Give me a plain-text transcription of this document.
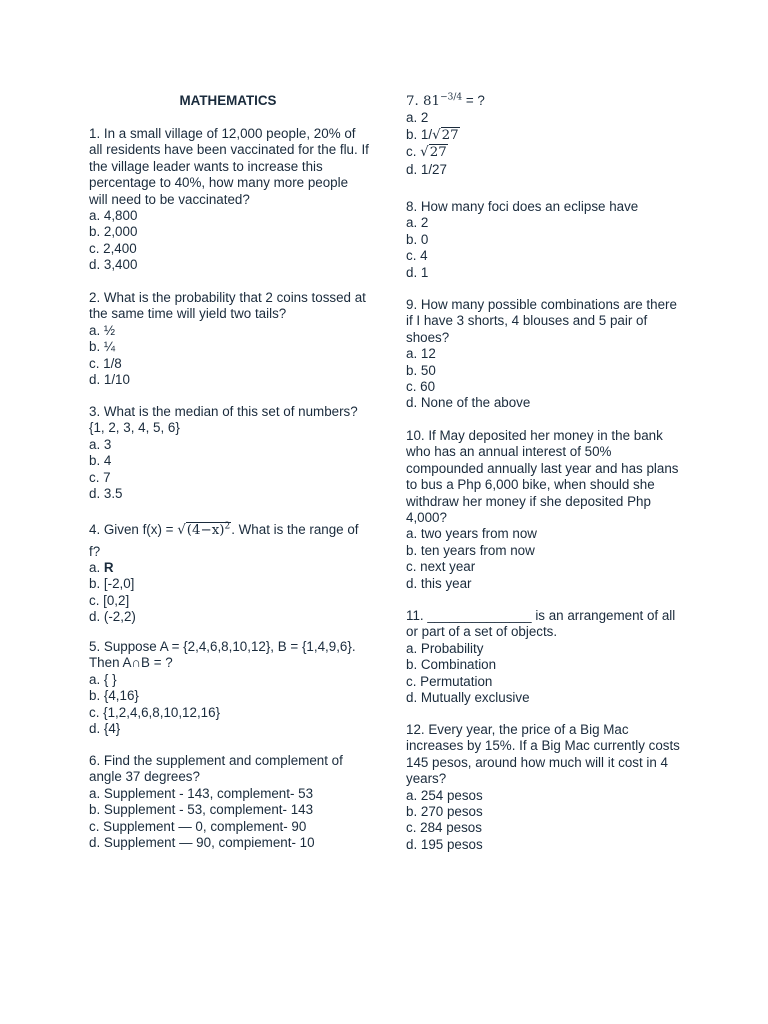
MATHEMATICS

1. In a small village of 12,000 people, 20% of all residents have been vaccinated for the flu. If the village leader wants to increase this percentage to 40%, how many more people will need to be vaccinated?

a. 4,800
b. 2,000
c. 2,400
d. 3,400

2. What is the probability that 2 coins tossed at the same time will yield two tails?

a. ½
b. ¼
c. 1/8
d. 1/10

3. What is the median of this set of numbers? {1, 2, 3, 4, 5, 6}

a. 3
b. 4
c. 7
d. 3.5

4. Given $f(x) = √(4-x)^2$. What is the range of f?

a. R
b. [-2,0]
c. [0,2]
d. (-2,2)

5. Suppose A = {2,4,6,8,10,12}, B = {1,4,9,6}. Then A∩B = ?

a. { }
b. {4,16}
c. {1,2,4,6,8,10,12,16}
d. {4}

6. Find the supplement and complement of angle 37 degrees?

a. Supplement - 143, complement- 53
b. Supplement - 53, complement- 143
c. Supplement — 0, complement- 90
d. Supplement — 90, compiement- 10

7. $81^{-3/4}$ = ?

a. 2
b. 1/√27
c. √27
d. 1/27

8. How many foci does an eclipse have

a. 2
b. 0
c. 4
d. 1

9. How many possible combinations are there if I have 3 shorts, 4 blouses and 5 pair of shoes?

a. 12
b. 50
c. 60
d. None of the above

10. If May deposited her money in the bank who has an annual interest of 50% compounded annually last year and has plans to bus a Php 6,000 bike, when should she withdraw her money if she deposited Php 4,000?

a. two years from now
b. ten years from now
c. next year
d. this year

11. ______________ is an arrangement of all or part of a set of objects.

a. Probability
b. Combination
c. Permutation
d. Mutually exclusive

12. Every year, the price of a Big Mac increases by 15%. If a Big Mac currently costs 145 pesos, around how much will it cost in 4 years?

a. 254 pesos
b. 270 pesos
c. 284 pesos
d. 195 pesos
